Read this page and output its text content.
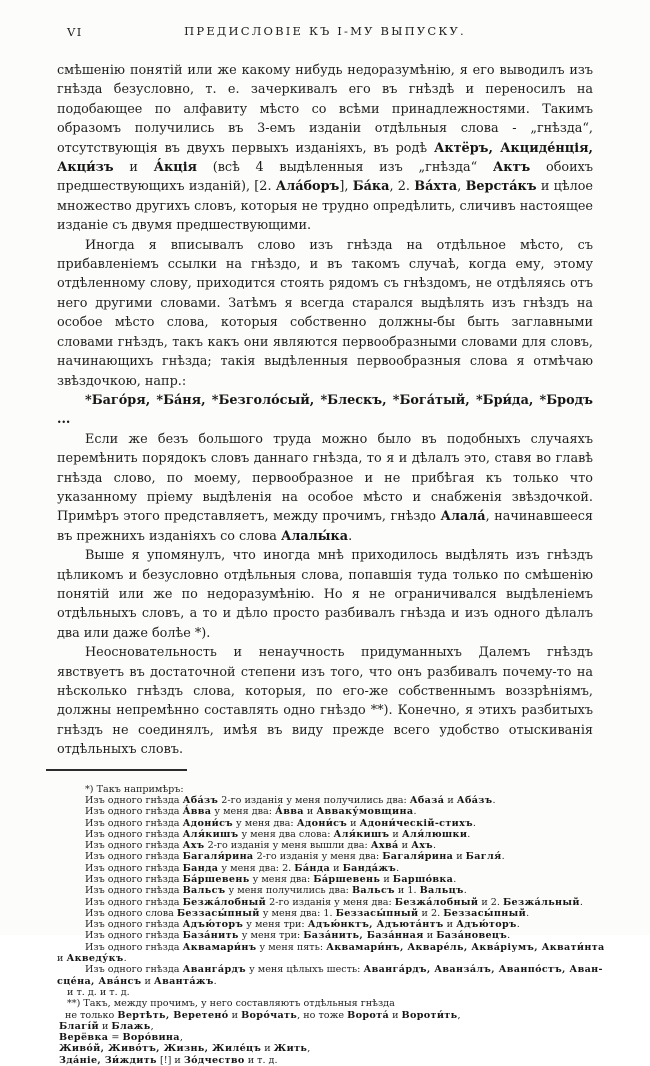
VI	ПРЕДИСЛОВІЕ КЪ І-МУ ВЫПУСКУ.

смѣшенію понятій или же какому нибудь недоразумѣнію, я его выводилъ изъ гнѣзда безусловно, т. е. зачеркивалъ его въ гнѣздѣ и переносилъ на подобающее по алфавиту мѣсто со всѣми принадлежностями. Такимъ образомъ получились въ 3-емъ изданіи отдѣльныя слова - „гнѣзда“, отсутствующія въ двухъ первыхъ изданіяхъ, въ родѣ Актёръ, Акциде́нція, Акци́зъ и А́кція (всѣ 4 выдѣленныя изъ „гнѣзда“ Актъ обоихъ предшествующихъ изданій), [2. Ала́боръ], Ба́ка, 2. Ва́хта, Верста́къ и цѣлое множество другихъ словъ, которыя не трудно опредѣлить, сличивъ настоящее изданіе съ двумя предшествующими.

Иногда я вписывалъ слово изъ гнѣзда на отдѣльное мѣсто, съ прибавленіемъ ссылки на гнѣздо, и въ такомъ случаѣ, когда ему, этому отдѣленному слову, приходится стоять рядомъ съ гнѣздомъ, не отдѣляясь отъ него другими словами. Затѣмъ я всегда старался выдѣлять изъ гнѣздъ на особое мѣсто слова, которыя собственно должны-бы быть заглавными словами гнѣздъ, такъ какъ они являются первообразными словами для словъ, начинающихъ гнѣзда; такія выдѣленныя первообразныя слова я отмѣчаю звѣздочкою, напр.:

*Баго́ря, *Ба́ня, *Безголо́сый, *Блескъ, *Бога́тый, *Бри́да, *Бродъ ...

Если же безъ большого труда можно было въ подобныхъ случаяхъ перемѣнить порядокъ словъ даннаго гнѣзда, то я и дѣлалъ это, ставя во главѣ гнѣзда слово, по моему, первообразное и не прибѣгая къ только что указанному пріему выдѣленія на особое мѣсто и снабженія звѣздочкой. Примѣръ этого представляетъ, между прочимъ, гнѣздо Алала́, начинавшееся въ прежнихъ изданіяхъ со слова Алалы́ка.

Выше я упомянулъ, что иногда мнѣ приходилось выдѣлять изъ гнѣздъ цѣликомъ и безусловно отдѣльныя слова, попавшія туда только по смѣшенію понятій или же по недоразумѣнію. Но я не ограничивался выдѣленіемъ отдѣльныхъ словъ, а то и дѣло просто разбивалъ гнѣзда и изъ одного дѣлалъ два или даже болѣе *).

Неосновательность и ненаучность придуманныхъ Далемъ гнѣздъ явствуетъ въ достаточной степени изъ того, что онъ разбивалъ почему-то на нѣсколько гнѣздъ слова, которыя, по его-же собственнымъ воззрѣніямъ, должны непремѣнно составлять одно гнѣздо **). Конечно, я этихъ разбитыхъ гнѣздъ не соединялъ, имѣя въ виду прежде всего удобство отыскиванія отдѣльныхъ словъ.

*) Такъ напримѣръ:
Изъ одного гнѣзда Аба́зъ 2-го изданія у меня получились два: Абаза́ и Аба́зъ.
Изъ одного гнѣзда А́вва у меня два: А́вва и Авваку́мовщина.
Изъ одного гнѣзда Адони́съ у меня два: Адони́съ и Адони́ческій-стихъ.
Изъ одного гнѣзда Аля́кишъ у меня два слова: Аля́кишъ и Аля́люшки.
Изъ одного гнѣзда Ахъ 2-го изданія у меня вышли два: Ахва́ и Ахъ.
Изъ одного гнѣзда Багаля́рина 2-го изданія у меня два: Багаля́рина и Багля́.
Изъ одного гнѣзда Банда у меня два: 2. Ба́нда и Банда́жъ.
Изъ одного гнѣзда Ба́ршевень у меня два: Ба́ршевень и Баршо́вка.
Изъ одного гнѣзда Вальсъ у меня получились два: Вальсъ и 1. Вальцъ.
Изъ одного гнѣзда Безжа́лобный 2-го изданія у меня два: Безжа́лобный и 2. Безжа́льный.
Изъ одного слова Беззасы́пный у меня два: 1. Беззасы́пный и 2. Беззасы́пный.
Изъ одного гнѣзда Адъю́торъ у меня три: Адъю́нктъ, Адъюта́нтъ и Адъю́торъ.
Изъ одного гнѣзда База́нить у меня три: База́нить, База́нная и База́новецъ.
Изъ одного гнѣзда Аквамари́нъ у меня пять: Аквамари́нъ, Акваре́ль, Аква́ріумъ, Аквати́нта
и Акведу́къ.
Изъ одного гнѣзда Аванга́рдъ у меня цѣлыхъ шесть: Аванга́рдъ, Аванза́лъ, Аванпо́стъ, Аван-
сце́на, Ава́нсъ и Аванта́жъ.
и т. д. и т. д.
**) Такъ, между прочимъ, у него составляютъ отдѣльныя гнѣзда
не только Вертѣть, Веретено́ и Воро́чать, но тоже Ворота́ и Вороти́ть,
Благі́й и Блажь,
Верёвка = Воро́вина,
Живо́й, Живо́тъ, Жизнь, Жиле́цъ и Жить,
Зда́ніе, Зи́ждить [!] и Зо́дчество и т. д.
